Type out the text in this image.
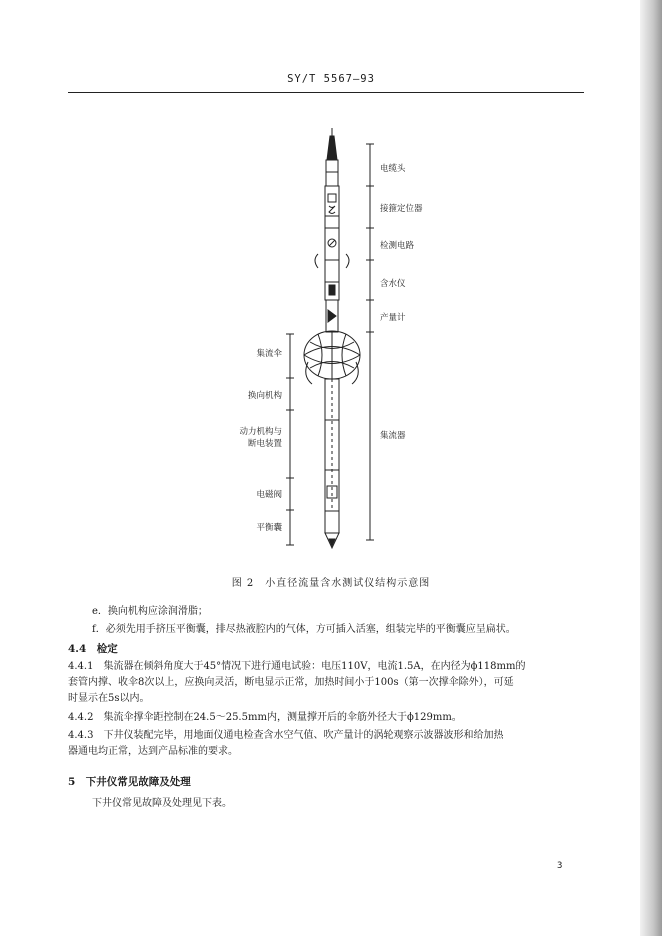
SY/T 5567—93
电缆头
接箍定位器
检测电路
含水仪
产量计
集流器
集流伞
换向机构
动力机构与
断电装置
电磁阀
平衡囊
图 2　小直径流量含水测试仪结构示意图
e．换向机构应涂润滑脂；
f．必须先用手挤压平衡囊，排尽热液腔内的气体，方可插入活塞，组装完毕的平衡囊应呈扁状。
4.4　检定
4.4.1　集流器在倾斜角度大于45°情况下进行通电试验：电压110V，电流1.5A，在内径为ϕ118mm的
套管内撑、收伞8次以上，应换向灵活，断电显示正常，加热时间小于100s（第一次撑伞除外），可延
时显示在5s以内。
4.4.2　集流伞撑伞距控制在24.5～25.5mm内，测量撑开后的伞筋外径大于ϕ129mm。
4.4.3　下井仪装配完毕，用地面仪通电检查含水空气值、吹产量计的涡轮观察示波器波形和给加热
器通电均正常，达到产品标准的要求。
5　下井仪常见故障及处理
下井仪常见故障及处理见下表。
3
